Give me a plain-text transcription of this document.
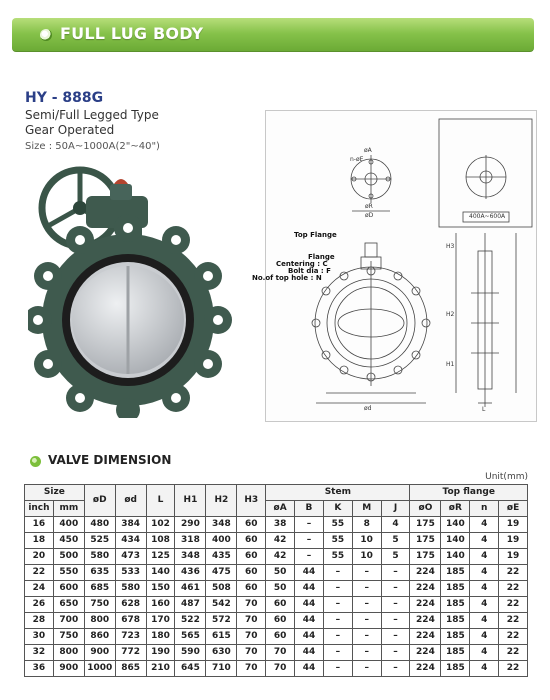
FULL LUG BODY
HY - 888G
Semi/Full Legged Type
Gear Operated
Size : 50A~1000A(2"~40")
Top Flange
Flange
Centering : C
Bolt dia : F
No.of top hole : N
400A~600A
øA
øR
øD
ød
H3
H2
H1
L
n-øE
VALVE DIMENSION
Unit(mm)
Size		øD	ød	L	H1	H2	H3	Stem					Top flange			
inch	mm							øA	B	K	M	J	øO	øR	n	øE
16	400	480	384	102	290	348	60	38	–	55	8	4	175	140	4	19
18	450	525	434	108	318	400	60	42	–	55	10	5	175	140	4	19
20	500	580	473	125	348	435	60	42	–	55	10	5	175	140	4	19
22	550	635	533	140	436	475	60	50	44	–	–	–	224	185	4	22
24	600	685	580	150	461	508	60	50	44	–	–	–	224	185	4	22
26	650	750	628	160	487	542	70	60	44	–	–	–	224	185	4	22
28	700	800	678	170	522	572	70	60	44	–	–	–	224	185	4	22
30	750	860	723	180	565	615	70	60	44	–	–	–	224	185	4	22
32	800	900	772	190	590	630	70	70	44	–	–	–	224	185	4	22
36	900	1000	865	210	645	710	70	70	44	–	–	–	224	185	4	22
